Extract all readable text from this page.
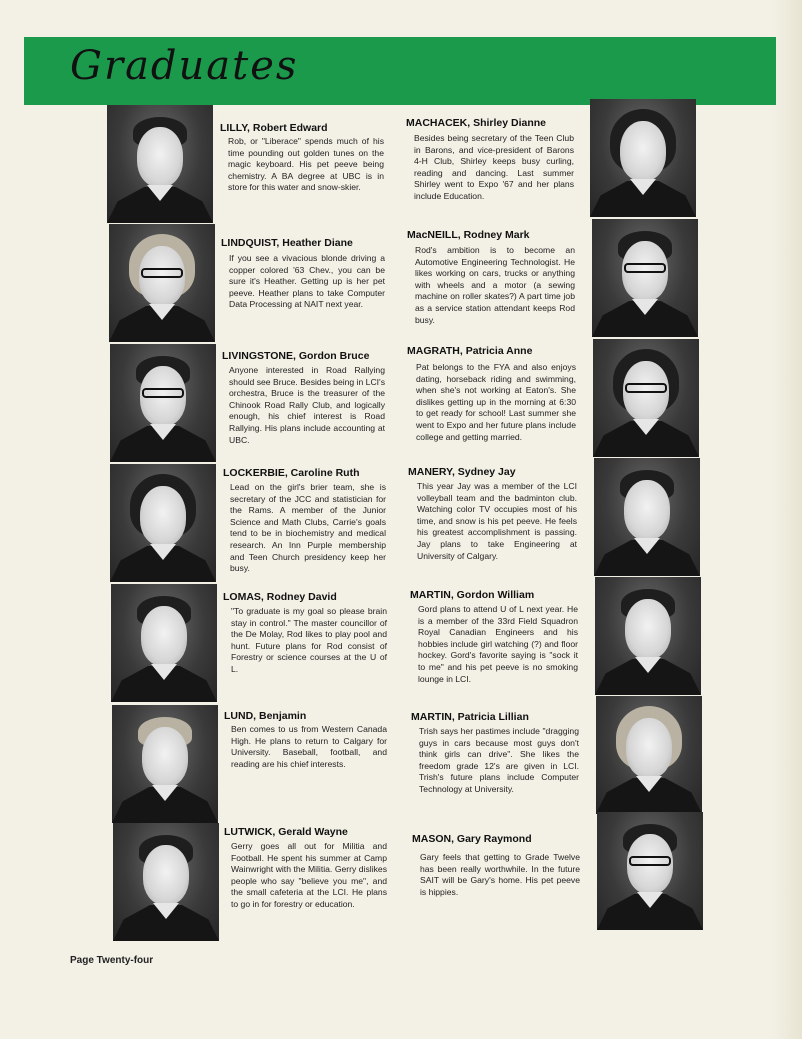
Graduates
LILLY, Robert Edward
Rob, or "Liberace" spends much of his time pounding out golden tunes on the magic keyboard. His pet peeve being chemistry. A BA degree at UBC is in store for this water and snow-skier.
LINDQUIST, Heather Diane
If you see a vivacious blonde driving a copper colored '63 Chev., you can be sure it's Heather. Getting up is her pet peeve. Heather plans to take Computer Data Processing at NAIT next year.
LIVINGSTONE, Gordon Bruce
Anyone interested in Road Rallying should see Bruce. Besides being in LCI's orchestra, Bruce is the treasurer of the Chinook Road Rally Club, and logically enough, his chief interest is Road Rallying. His plans include accounting at UBC.
LOCKERBIE, Caroline Ruth
Lead on the girl's brier team, she is secretary of the JCC and statistician for the Rams. A member of the Junior Science and Math Clubs, Carrie's goals tend to be in biochemistry and medical research. An Inn Purple membership and Teen Church presidency keep her busy.
LOMAS, Rodney David
"To graduate is my goal so please brain stay in control." The master councillor of the De Molay, Rod likes to play pool and hunt. Future plans for Rod consist of Forestry or science courses at the U of L.
LUND, Benjamin
Ben comes to us from Western Canada High. He plans to return to Calgary for University. Baseball, football, and reading are his chief interests.
LUTWICK, Gerald Wayne
Gerry goes all out for Militia and Football. He spent his summer at Camp Wainwright with the Militia. Gerry dislikes people who say "believe you me", and the small cafeteria at the LCI. He plans to go in for forestry or education.
MACHACEK, Shirley Dianne
Besides being secretary of the Teen Club in Barons, and vice-president of Barons 4-H Club, Shirley keeps busy curling, reading and dancing. Last summer Shirley went to Expo '67 and her plans include Education.
MacNEILL, Rodney Mark
Rod's ambition is to become an Automotive Engineering Technologist. He likes working on cars, trucks or anything with wheels and a motor (a sewing machine on roller skates?) A part time job as a service station attendant keeps Rod busy.
MAGRATH, Patricia Anne
Pat belongs to the FYA and also enjoys dating, horseback riding and swimming, when she's not working at Eaton's. She dislikes getting up in the morning at 6:30 to get ready for school! Last summer she went to Expo and her future plans include college and getting married.
MANERY, Sydney Jay
This year Jay was a member of the LCI volleyball team and the badminton club. Watching color TV occupies most of his time, and snow is his pet peeve. He feels his greatest accomplishment is passing. Jay plans to take Engineering at University of Calgary.
MARTIN, Gordon William
Gord plans to attend U of L next year. He is a member of the 33rd Field Squadron Royal Canadian Engineers and his hobbies include girl watching (?) and floor hockey. Gord's favorite saying is "sock it to me" and his pet peeve is no smoking lounge in LCI.
MARTIN, Patricia Lillian
Trish says her pastimes include "dragging guys in cars because most guys don't think girls can drive". She likes the freedom grade 12's are given in LCI. Trish's future plans include Computer Technology at University.
MASON, Gary Raymond
Gary feels that getting to Grade Twelve has been really worthwhile. In the future SAIT will be Gary's home. His pet peeve is hippies.
Page Twenty-four
